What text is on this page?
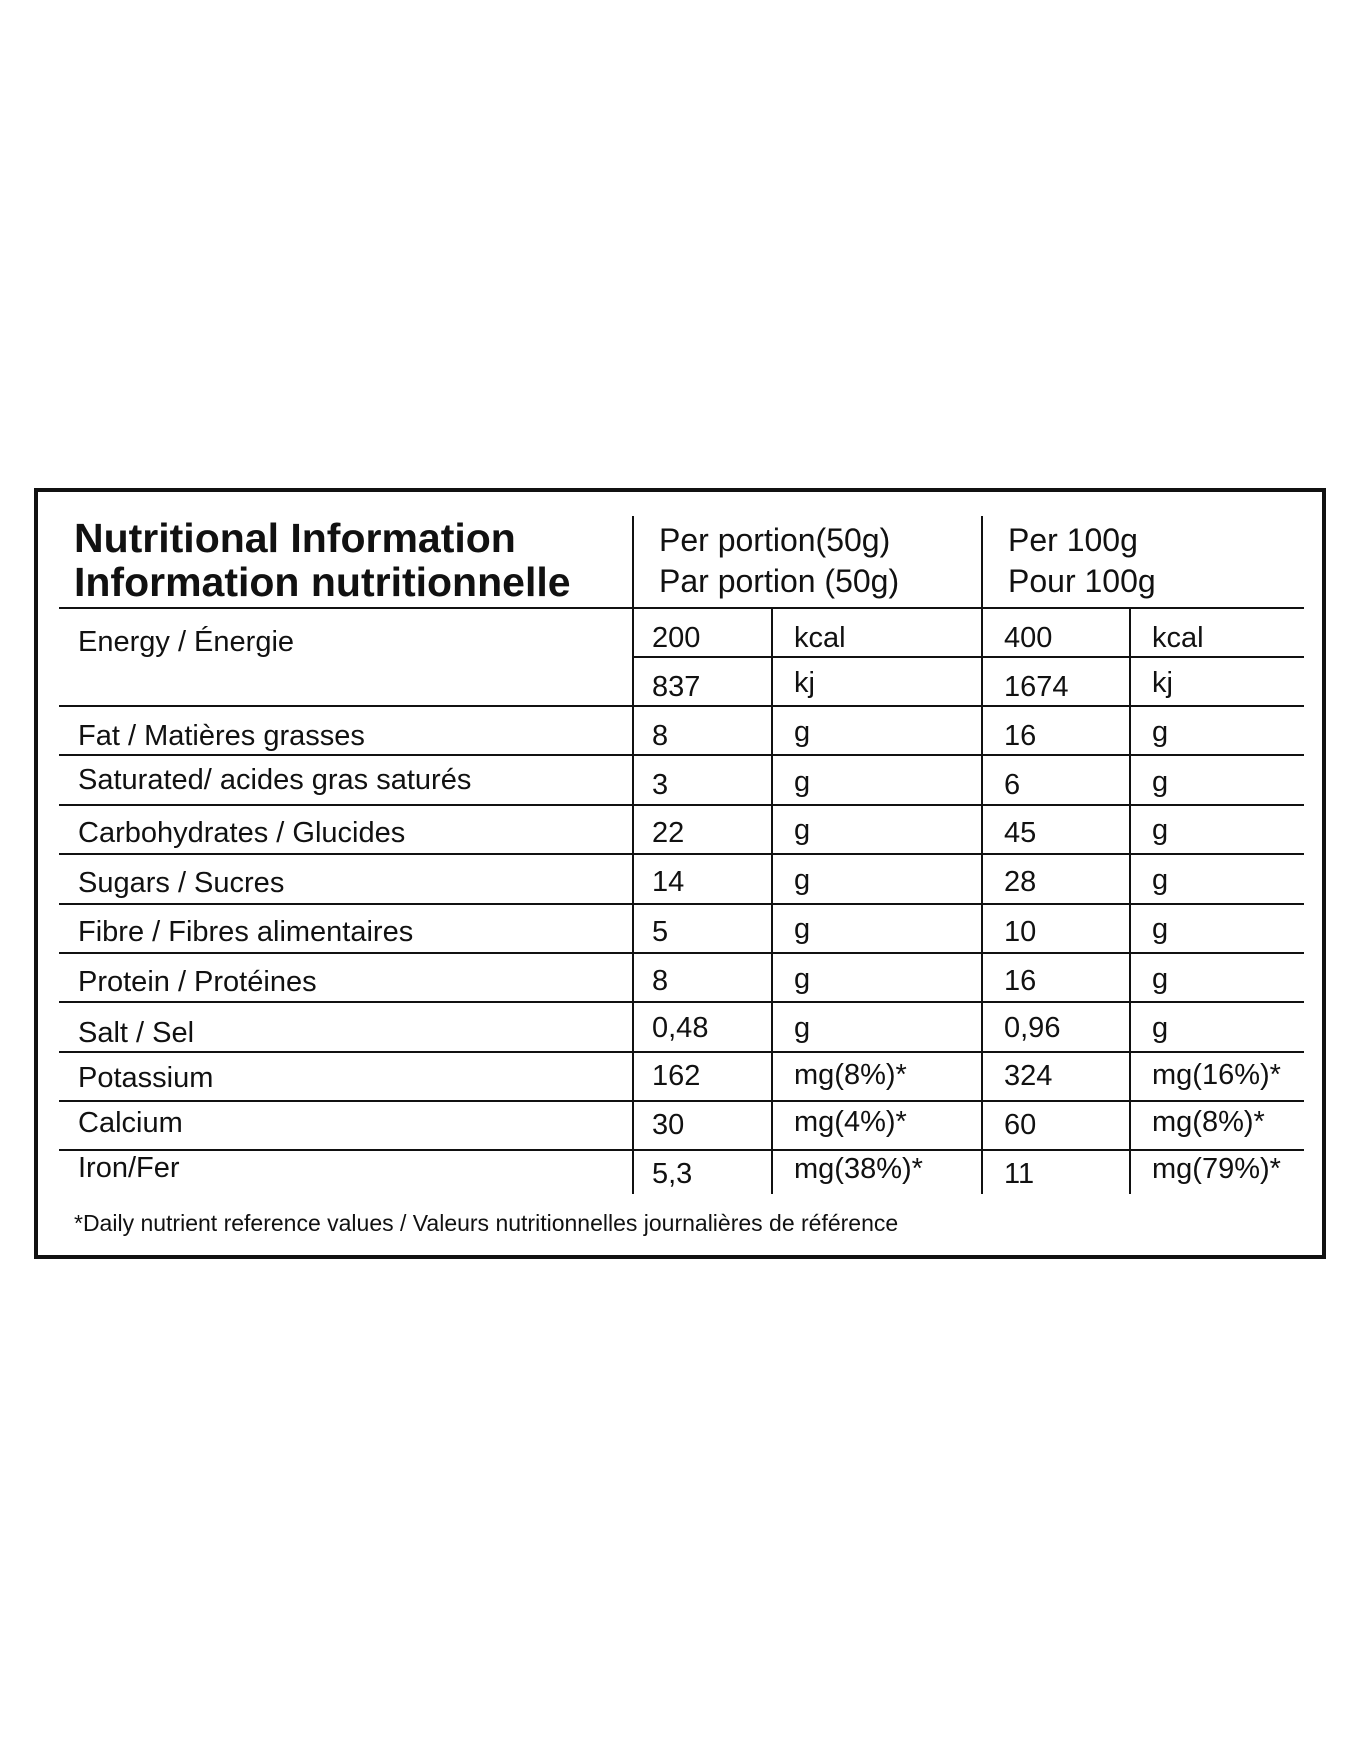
Nutritional Information
Information nutritionnelle
Per portion(50g)
Par portion (50g)
Per 100g
Pour 100g
Energy / Énergie	200	kcal	400	kcal
837	kj	1674	kj
Fat / Matières grasses	8	g	16	g
Saturated/ acides gras saturés	3	g	6	g
Carbohydrates / Glucides	22	g	45	g
Sugars / Sucres	14	g	28	g
Fibre / Fibres alimentaires	5	g	10	g
Protein / Protéines	8	g	16	g
Salt / Sel	0,48	g	0,96	g
Potassium	162	mg(8%)*	324	mg(16%)*
Calcium	30	mg(4%)*	60	mg(8%)*
Iron/Fer	5,3	mg(38%)*	11	mg(79%)*
*Daily nutrient reference values / Valeurs nutritionnelles journalières de référence
